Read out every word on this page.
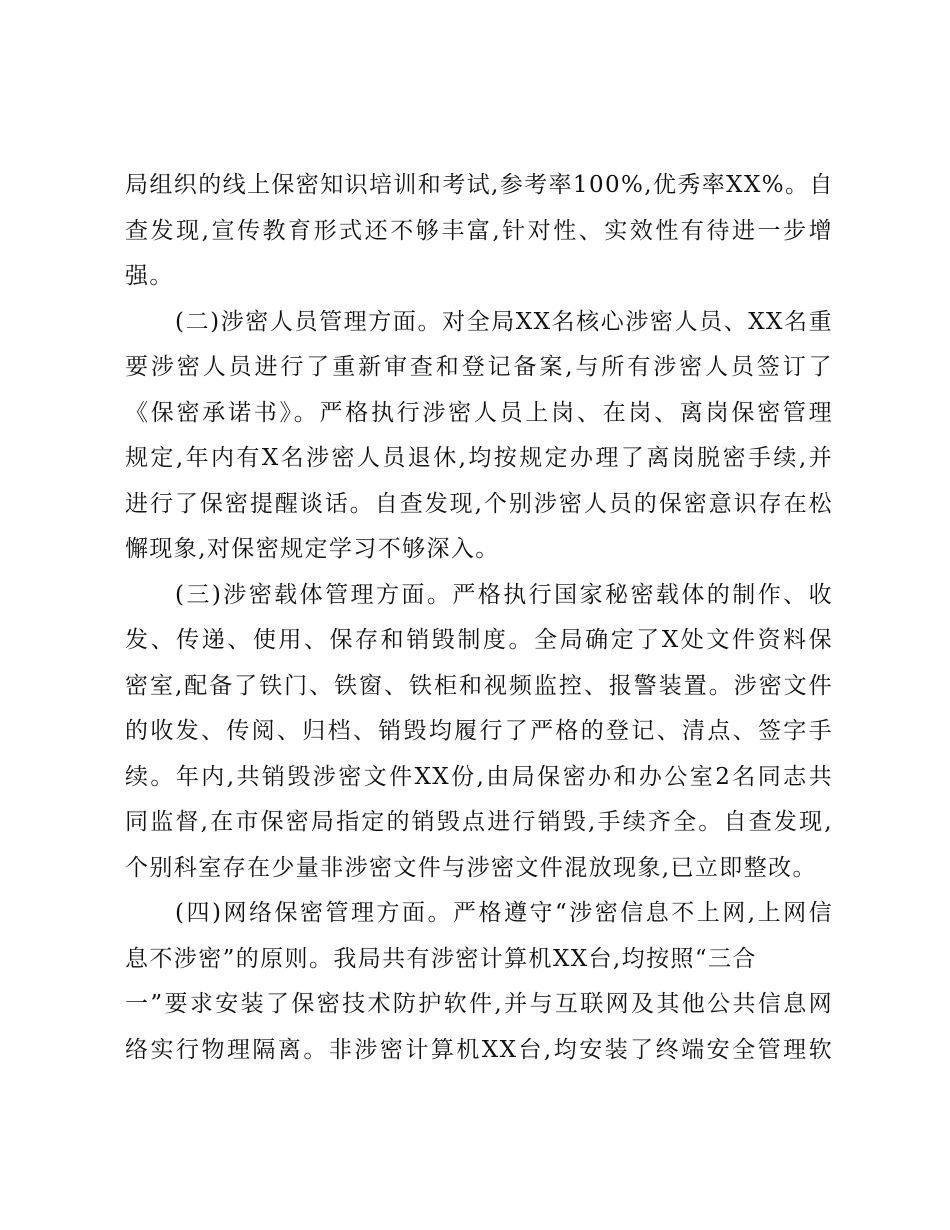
局组织的线上保密知识培训和考试,参考率100%,优秀率XX%。自
查发现,宣传教育形式还不够丰富,针对性、实效性有待进一步增
强。
(二)涉密人员管理方面。对全局XX名核心涉密人员、XX名重
要涉密人员进行了重新审查和登记备案,与所有涉密人员签订了
《保密承诺书》。严格执行涉密人员上岗、在岗、离岗保密管理
规定,年内有X名涉密人员退休,均按规定办理了离岗脱密手续,并
进行了保密提醒谈话。自查发现,个别涉密人员的保密意识存在松
懈现象,对保密规定学习不够深入。
(三)涉密载体管理方面。严格执行国家秘密载体的制作、收
发、传递、使用、保存和销毁制度。全局确定了X处文件资料保
密室,配备了铁门、铁窗、铁柜和视频监控、报警装置。涉密文件
的收发、传阅、归档、销毁均履行了严格的登记、清点、签字手
续。年内,共销毁涉密文件XX份,由局保密办和办公室2名同志共
同监督,在市保密局指定的销毁点进行销毁,手续齐全。自查发现,
个别科室存在少量非涉密文件与涉密文件混放现象,已立即整改。
(四)网络保密管理方面。严格遵守“涉密信息不上网,上网信
息不涉密”的原则。我局共有涉密计算机XX台,均按照“三合
一”要求安装了保密技术防护软件,并与互联网及其他公共信息网
络实行物理隔离。非涉密计算机XX台,均安装了终端安全管理软
